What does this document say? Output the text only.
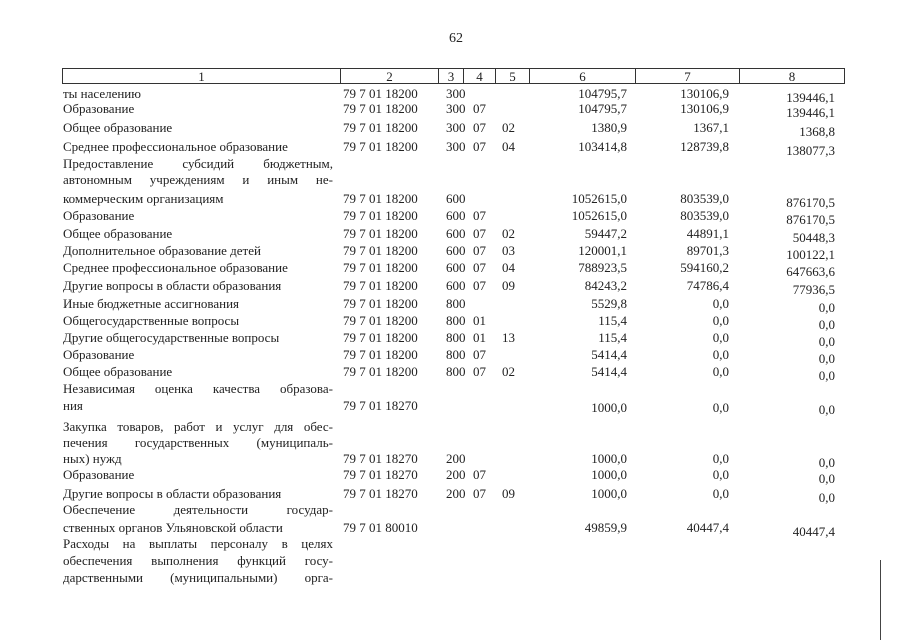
62
1	2	3	4	5	6	7	8
ты населению	79 7 01 18200 300	104795,7	130106,9	139446,1
Образование	79 7 01 18200 300 07	104795,7	130106,9	139446,1
Общее образование	79 7 01 18200 300 07 02	1380,9	1367,1	1368,8
Среднее профессиональное образование	79 7 01 18200 300 07 04	103414,8	128739,8	138077,3
Предоставление субсидий бюджетным,
автономным учреждениям и иным не-
коммерческим организациям	79 7 01 18200 600	1052615,0	803539,0	876170,5
Образование	79 7 01 18200 600 07	1052615,0	803539,0	876170,5
Общее образование	79 7 01 18200 600 07 02	59447,2	44891,1	50448,3
Дополнительное образование детей	79 7 01 18200 600 07 03	120001,1	89701,3	100122,1
Среднее профессиональное образование	79 7 01 18200 600 07 04	788923,5	594160,2	647663,6
Другие вопросы в области образования	79 7 01 18200 600 07 09	84243,2	74786,4	77936,5
Иные бюджетные ассигнования	79 7 01 18200 800	5529,8	0,0	0,0
Общегосударственные вопросы	79 7 01 18200 800 01	115,4	0,0	0,0
Другие общегосударственные вопросы	79 7 01 18200 800 01 13	115,4	0,0	0,0
Образование	79 7 01 18200 800 07	5414,4	0,0	0,0
Общее образование	79 7 01 18200 800 07 02	5414,4	0,0	0,0
Независимая оценка качества образова-
ния	79 7 01 18270	1000,0	0,0	0,0
Закупка товаров, работ и услуг для обес-
печения государственных (муниципаль-
ных) нужд	79 7 01 18270 200	1000,0	0,0	0,0
Образование	79 7 01 18270 200 07	1000,0	0,0	0,0
Другие вопросы в области образования	79 7 01 18270 200 07 09	1000,0	0,0	0,0
Обеспечение деятельности государ-
ственных органов Ульяновской области	79 7 01 80010	49859,9	40447,4	40447,4
Расходы на выплаты персоналу в целях
обеспечения выполнения функций госу-
дарственными (муниципальными) орга-
